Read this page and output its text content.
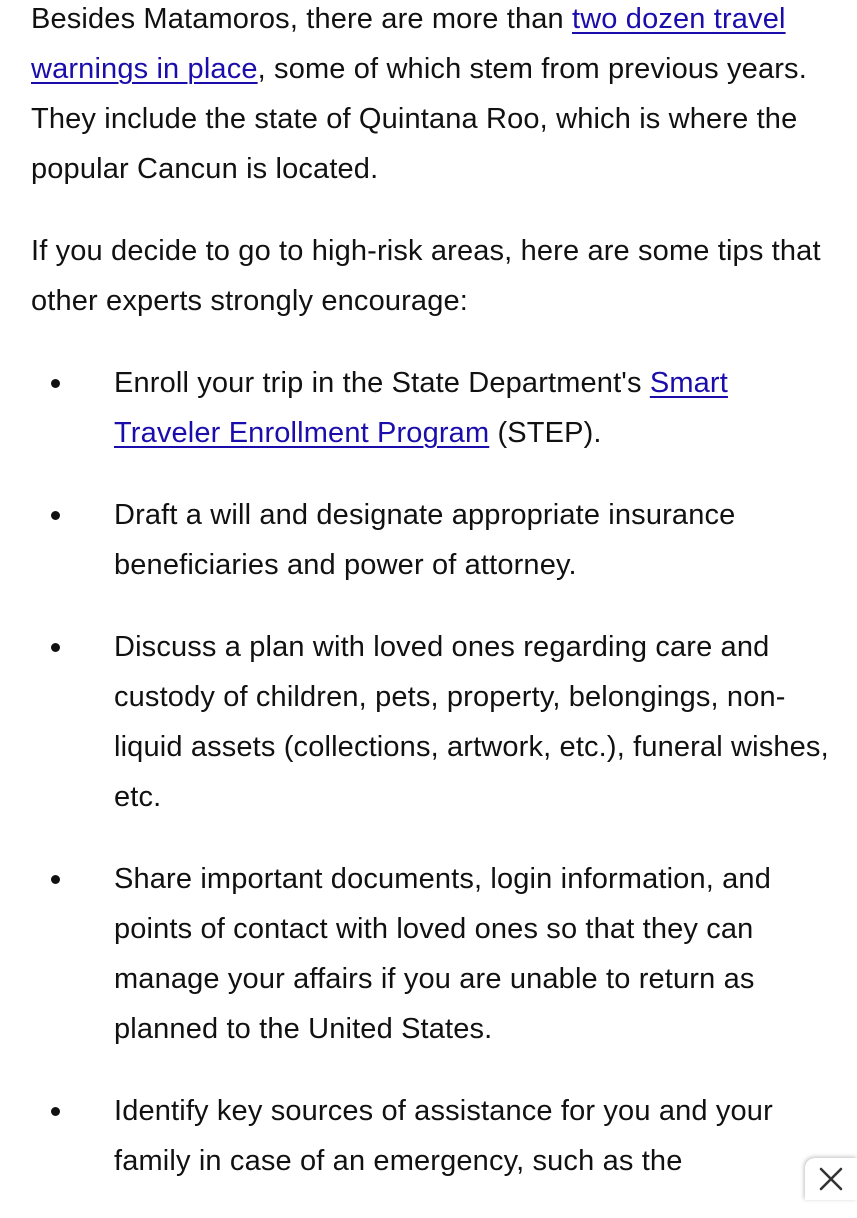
Besides Matamoros, there are more than two dozen travel warnings in place, some of which stem from previous years. They include the state of Quintana Roo, which is where the popular Cancun is located.

If you decide to go to high-risk areas, here are some tips that other experts strongly encourage:

Enroll your trip in the State Department's Smart Traveler Enrollment Program (STEP).
Draft a will and designate appropriate insurance beneficiaries and power of attorney.
Discuss a plan with loved ones regarding care and custody of children, pets, property, belongings, non-liquid assets (collections, artwork, etc.), funeral wishes, etc.
Share important documents, login information, and points of contact with loved ones so that they can manage your affairs if you are unable to return as planned to the United States.
Identify key sources of assistance for you and your family in case of an emergency, such as the
